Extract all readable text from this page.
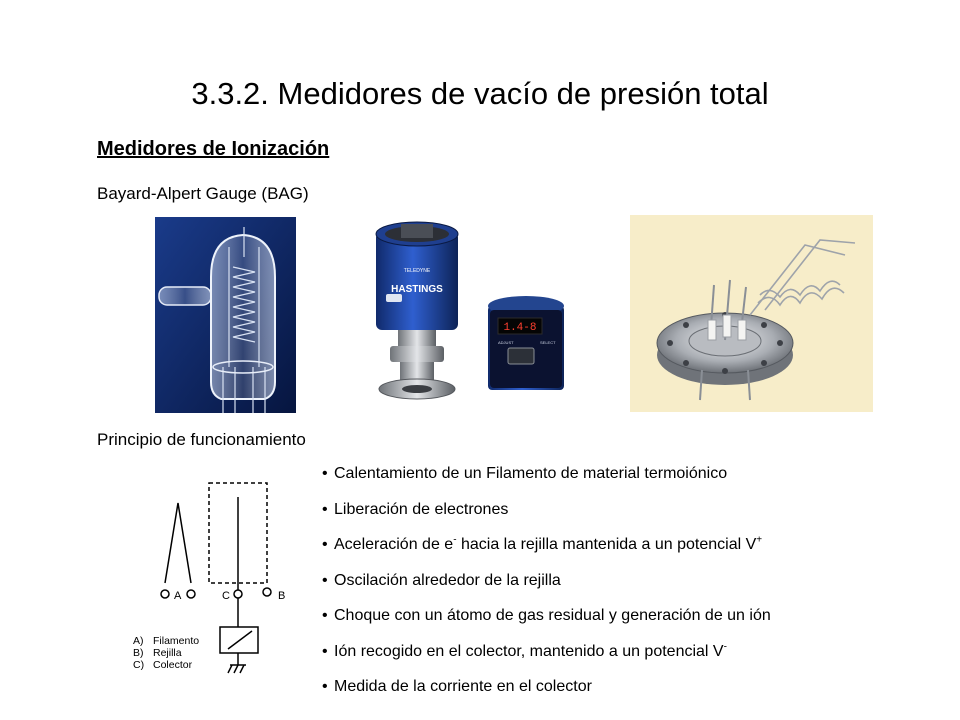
3.3.2. Medidores de vacío de presión total
Medidores de Ionización
Bayard-Alpert Gauge (BAG)
TELEDYNE
HASTINGS
1.4-8
ADJUST	SELECT
Principio de funcionamiento
A	C	B
A) Filamento
B) Rejilla
C) Colector
• Calentamiento de un Filamento de material termoiónico
• Liberación de electrones
• Aceleración de e- hacia la rejilla mantenida a un potencial V+
• Oscilación alrededor de la rejilla
• Choque con un átomo de gas residual y generación de un ión
• Ión recogido en el colector, mantenido a un potencial V-
• Medida de la corriente en el colector
